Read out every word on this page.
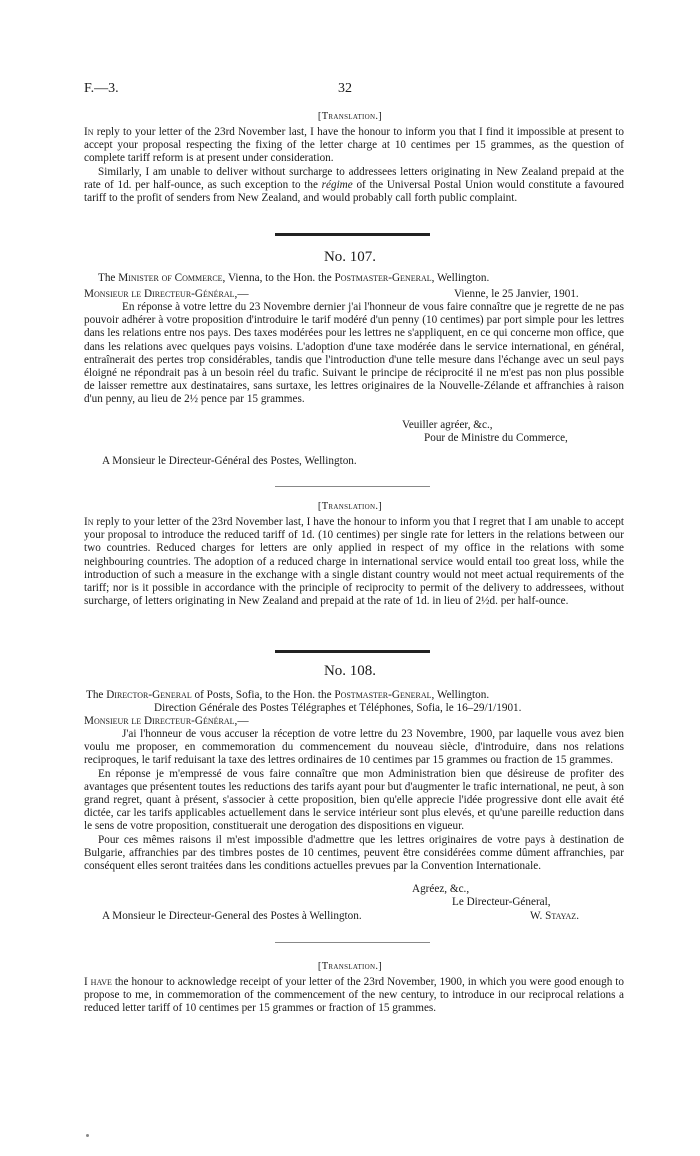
F.—3.	32
[Translation.]

In reply to your letter of the 23rd November last, I have the honour to inform you that I find it impossible at present to accept your proposal respecting the fixing of the letter charge at 10 centimes per 15 grammes, as the question of complete tariff reform is at present under consideration.

Similarly, I am unable to deliver without surcharge to addressees letters originating in New Zealand prepaid at the rate of 1d. per half-ounce, as such exception to the régime of the Universal Postal Union would constitute a favoured tariff to the profit of senders from New Zealand, and would probably call forth public complaint.

No. 107.
The Minister of Commerce, Vienna, to the Hon. the Postmaster-General, Wellington.
Monsieur le Directeur-Général,—	Vienne, le 25 Janvier, 1901.

En réponse à votre lettre du 23 Novembre dernier j'ai l'honneur de vous faire connaître que je regrette de ne pas pouvoir adhérer à votre proposition d'introduire le tarif modéré d'un penny (10 centimes) par port simple pour les lettres dans les relations entre nos pays. Des taxes modérées pour les lettres ne s'appliquent, en ce qui concerne mon office, que dans les relations avec quelques pays voisins. L'adoption d'une taxe modérée dans le service international, en général, entraînerait des pertes trop considérables, tandis que l'introduction d'une telle mesure dans l'échange avec un seul pays éloigné ne répondrait pas à un besoin réel du trafic. Suivant le principe de réciprocité il ne m'est pas non plus possible de laisser remettre aux destinataires, sans surtaxe, les lettres originaires de la Nouvelle-Zélande et affranchies à raison d'un penny, au lieu de 2½ pence par 15 grammes.

Veuiller agréer, &c.,
Pour de Ministre du Commerce,
A Monsieur le Directeur-Général des Postes, Wellington.
[Translation.]

In reply to your letter of the 23rd November last, I have the honour to inform you that I regret that I am unable to accept your proposal to introduce the reduced tariff of 1d. (10 centimes) per single rate for letters in the relations between our two countries. Reduced charges for letters are only applied in respect of my office in the relations with some neighbouring countries. The adoption of a reduced charge in international service would entail too great loss, while the introduction of such a measure in the exchange with a single distant country would not meet actual requirements of the tariff; nor is it possible in accordance with the principle of reciprocity to permit of the delivery to addressees, without surcharge, of letters originating in New Zealand and prepaid at the rate of 1d. in lieu of 2½d. per half-ounce.

No. 108.
The Director-General of Posts, Sofia, to the Hon. the Postmaster-General, Wellington.
Direction Générale des Postes Télégraphes et Téléphones, Sofia, le 16–29/1/1901.
Monsieur le Directeur-Général,—

J'ai l'honneur de vous accuser la réception de votre lettre du 23 Novembre, 1900, par laquelle vous avez bien voulu me proposer, en commemoration du commencement du nouveau siècle, d'introduire, dans nos relations reciproques, le tarif reduisant la taxe des lettres ordinaires de 10 centimes par 15 grammes ou fraction de 15 grammes.

En réponse je m'empressé de vous faire connaître que mon Administration bien que désireuse de profiter des avantages que présentent toutes les reductions des tarifs ayant pour but d'augmenter le trafic international, ne peut, à son grand regret, quant à présent, s'associer à cette proposition, bien qu'elle apprecie l'idée progressive dont elle avait été dictée, car les tarifs applicables actuellement dans le service intérieur sont plus elevés, et qu'une pareille reduction dans le sens de votre proposition, constituerait une derogation des dispositions en vigueur.

Pour ces mêmes raisons il m'est impossible d'admettre que les lettres originaires de votre pays à destination de Bulgarie, affranchies par des timbres postes de 10 centimes, peuvent être considérées comme dûment affranchies, par conséquent elles seront traitées dans les conditions actuelles prevues par la Convention Internationale.

Agréez, &c.,
Le Directeur-Géneral,
A Monsieur le Directeur-General des Postes à Wellington.	W. Stayaz.
[Translation.]

I have the honour to acknowledge receipt of your letter of the 23rd November, 1900, in which you were good enough to propose to me, in commemoration of the commencement of the new century, to introduce in our reciprocal relations a reduced letter tariff of 10 centimes per 15 grammes or fraction of 15 grammes.
